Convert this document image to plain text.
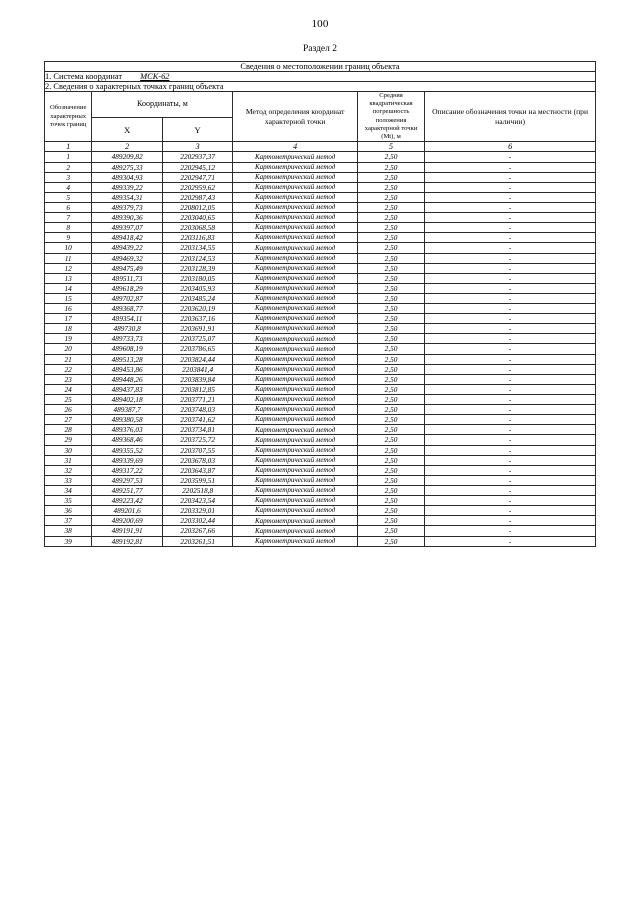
100
Раздел 2
Сведения о местоположении границ объекта					
1. Система координат МСК-62					
2. Сведения о характерных точках границ объекта					
Обозначение характерных точек границ	Координаты, м		Метод определения координат характерной точки	Средняя квадратическая погрешность положения характерной точки (Мt), м	Описание обозначения точки на местности (при наличии)
	X	Y			
1	2	3	4	5	6
1	489209,82	2202937,37	Картометрический метод	2,50	-
2	489275,33	2202945,12	Картометрический метод	2,50	-
3	489304,93	2202947,71	Картометрический метод	2,50	-
4	489339,22	2202959,62	Картометрический метод	2,50	-
5	489354,31	2202987,43	Картометрический метод	2,50	-
6	489379,73	2208012,05	Картометрический метод	2,50	-
7	489390,36	2203040,65	Картометрический метод	2,50	-
8	489397,07	2203068,58	Картометрический метод	2,50	-
9	489418,42	2203116,83	Картометрический метод	2,50	-
10	489439,22	2203134,55	Картометрический метод	2,50	-
11	489469,32	2203124,53	Картометрический метод	2,50	-
12	489475,49	2203128,39	Картометрический метод	2,50	-
13	489511,73	2203180,05	Картометрический метод	2,50	-
14	489618,29	2203405,93	Картометрический метод	2,50	-
15	489702,87	2203485,24	Картометрический метод	2,50	-
16	489368,77	2203620,19	Картометрический метод	2,50	-
17	489354,11	2203637,16	Картометрический метод	2,50	-
18	489730,8	2203691,91	Картометрический метод	2,50	-
19	489733,73	2203725,07	Картометрический метод	2,50	-
20	489608,19	2203786,65	Картометрический метод	2,50	-
21	489513,28	2203824,44	Картометрический метод	2,50	-
22	489453,86	2203841,4	Картометрический метод	2,50	-
23	489448,26	2203839,84	Картометрический метод	2,50	-
24	489437,83	2203812,85	Картометрический метод	2,50	-
25	489402,18	2203771,21	Картометрический метод	2,50	-
26	489387,7	2203748,03	Картометрический метод	2,50	-
27	489380,58	2203741,62	Картометрический метод	2,50	-
28	489376,03	2203734,81	Картометрический метод	2,50	-
29	489368,46	2203725,72	Картометрический метод	2,50	-
30	489355,52	2203707,55	Картометрический метод	2,50	-
31	489339,69	2203678,03	Картометрический метод	2,50	-
32	489317,22	2203643,87	Картометрический метод	2,50	-
33	489297,53	2203599,51	Картометрический метод	2,50	-
34	489251,77	2202518,8	Картометрический метод	2,50	-
35	489223,42	2203423,54	Картометрический метод	2,50	-
36	489201,6	2203329,01	Картометрический метод	2,50	-
37	489200,69	2203302,44	Картометрический метод	2,50	-
38	489191,91	2203267,66	Картометрический метод	2,50	-
39	489192,81	2203261,51	Картометрический метод	2,50	-
